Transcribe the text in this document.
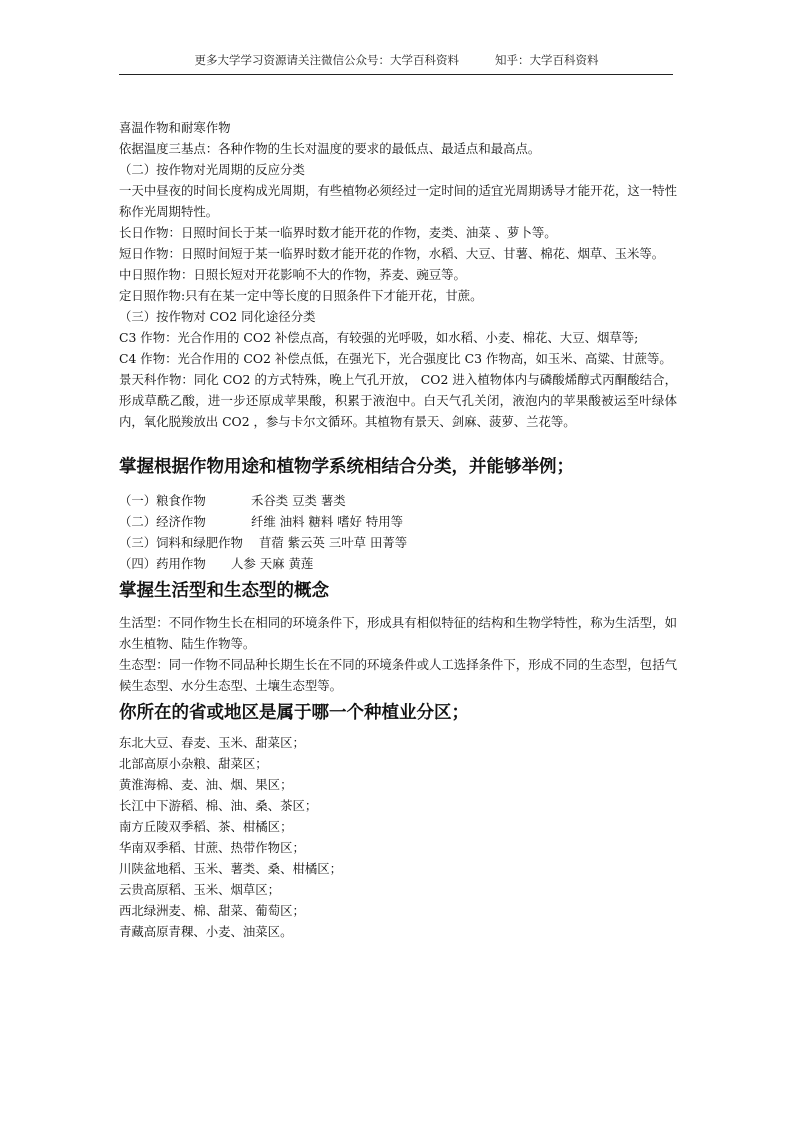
更多大学学习资源请关注微信公众号：大学百科资料	知乎：大学百科资料

喜温作物和耐寒作物

依据温度三基点：各种作物的生长对温度的要求的最低点、最适点和最高点。

（二）按作物对光周期的反应分类

一天中昼夜的时间长度构成光周期，有些植物必须经过一定时间的适宜光周期诱导才能开花，这一特性称作光周期特性。

长日作物：日照时间长于某一临界时数才能开花的作物，麦类、油菜 、萝卜等。

短日作物：日照时间短于某一临界时数才能开花的作物，水稻、大豆、甘薯、棉花、烟草、玉米等。

中日照作物：日照长短对开花影响不大的作物，荞麦、豌豆等。

定日照作物:只有在某一定中等长度的日照条件下才能开花，甘蔗。

（三）按作物对 CO2 同化途径分类

C3 作物：光合作用的 CO2 补偿点高，有较强的光呼吸，如水稻、小麦、棉花、大豆、烟草等;

C4 作物：光合作用的 CO2 补偿点低，在强光下，光合强度比 C3 作物高，如玉米、高粱、甘蔗等。

景天科作物：同化 CO2 的方式特殊，晚上气孔开放， CO2 进入植物体内与磷酸烯醇式丙酮酸结合，形成草酰乙酸，进一步还原成苹果酸，积累于液泡中。白天气孔关闭，液泡内的苹果酸被运至叶绿体内，氧化脱羧放出 CO2 ，参与卡尔文循环。其植物有景天、剑麻、菠萝、兰花等。

掌握根据作物用途和植物学系统相结合分类，并能够举例；
（一）粮食作物	禾谷类 豆类 薯类
（二）经济作物	纤维 油料 糖料 嗜好 特用等
（三）饲料和绿肥作物 苜蓿 紫云英 三叶草 田菁等
（四）药用作物 人参 天麻 黄莲
掌握生活型和生态型的概念

生活型：不同作物生长在相同的环境条件下，形成具有相似特征的结构和生物学特性，称为生活型，如水生植物、陆生作物等。

生态型：同一作物不同品种长期生长在不同的环境条件或人工选择条件下，形成不同的生态型，包括气候生态型、水分生态型、土壤生态型等。

你所在的省或地区是属于哪一个种植业分区；

东北大豆、春麦、玉米、甜菜区；

北部高原小杂粮、甜菜区；

黄淮海棉、麦、油、烟、果区；

长江中下游稻、棉、油、桑、茶区；

南方丘陵双季稻、茶、柑橘区；

华南双季稻、甘蔗、热带作物区；

川陕盆地稻、玉米、薯类、桑、柑橘区；

云贵高原稻、玉米、烟草区；

西北绿洲麦、棉、甜菜、葡萄区；

青藏高原青稞、小麦、油菜区。
